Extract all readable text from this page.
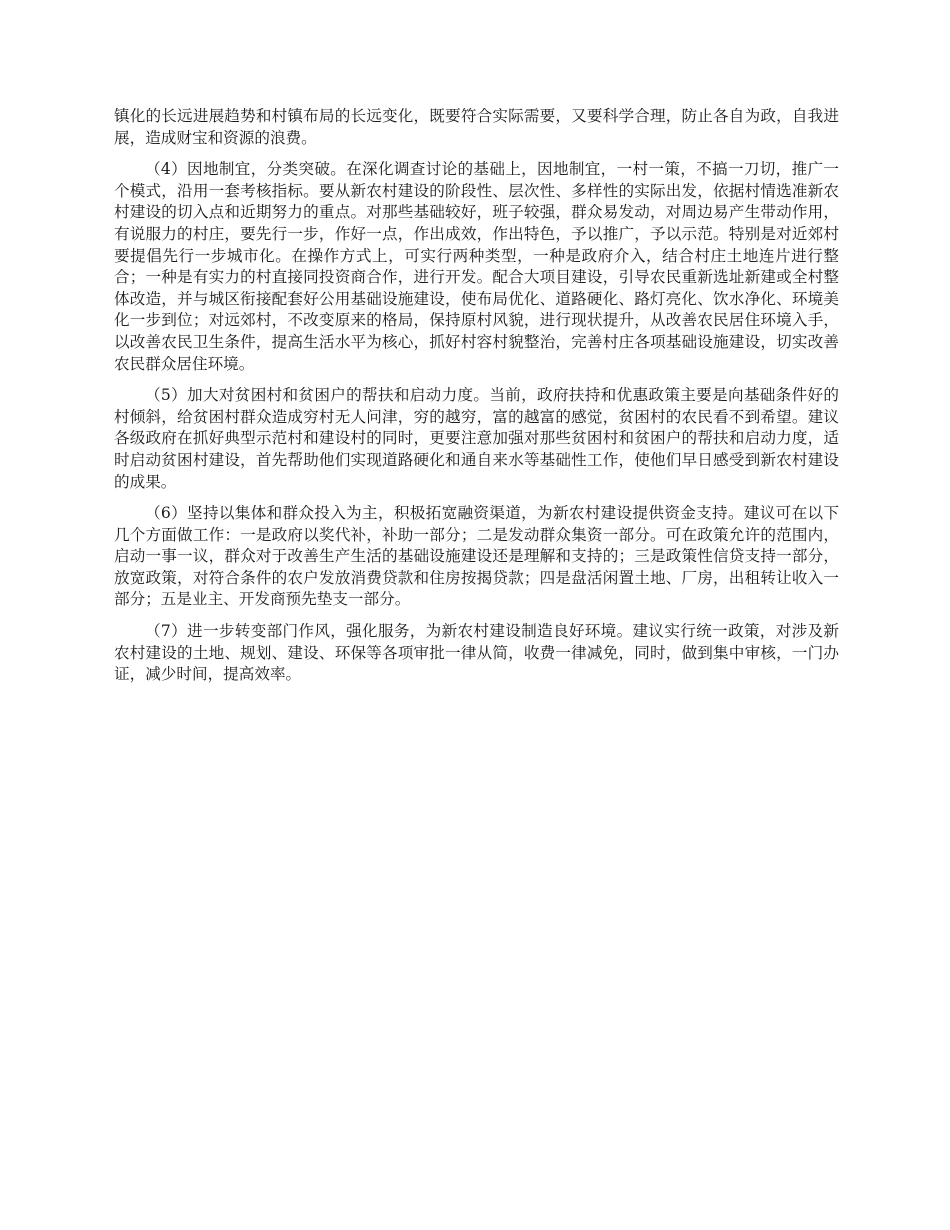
镇化的长远进展趋势和村镇布局的长远变化，既要符合实际需要，又要科学合理，防止各自为政，自我进展，造成财宝和资源的浪费。

（4）因地制宜，分类突破。在深化调查讨论的基础上，因地制宜，一村一策，不搞一刀切，推广一个模式，沿用一套考核指标。要从新农村建设的阶段性、层次性、多样性的实际出发，依据村情选准新农村建设的切入点和近期努力的重点。对那些基础较好，班子较强，群众易发动，对周边易产生带动作用，有说服力的村庄，要先行一步，作好一点，作出成效，作出特色，予以推广，予以示范。特别是对近郊村要提倡先行一步城市化。在操作方式上，可实行两种类型，一种是政府介入，结合村庄土地连片进行整合；一种是有实力的村直接同投资商合作，进行开发。配合大项目建设，引导农民重新选址新建或全村整体改造，并与城区衔接配套好公用基础设施建设，使布局优化、道路硬化、路灯亮化、饮水净化、环境美化一步到位；对远郊村，不改变原来的格局，保持原村风貌，进行现状提升，从改善农民居住环境入手，以改善农民卫生条件，提高生活水平为核心，抓好村容村貌整治，完善村庄各项基础设施建设，切实改善农民群众居住环境。

（5）加大对贫困村和贫困户的帮扶和启动力度。当前，政府扶持和优惠政策主要是向基础条件好的村倾斜，给贫困村群众造成穷村无人问津，穷的越穷，富的越富的感觉，贫困村的农民看不到希望。建议各级政府在抓好典型示范村和建设村的同时，更要注意加强对那些贫困村和贫困户的帮扶和启动力度，适时启动贫困村建设，首先帮助他们实现道路硬化和通自来水等基础性工作，使他们早日感受到新农村建设的成果。

（6）坚持以集体和群众投入为主，积极拓宽融资渠道，为新农村建设提供资金支持。建议可在以下几个方面做工作：一是政府以奖代补，补助一部分；二是发动群众集资一部分。可在政策允许的范围内，启动一事一议，群众对于改善生产生活的基础设施建设还是理解和支持的；三是政策性信贷支持一部分，放宽政策，对符合条件的农户发放消费贷款和住房按揭贷款；四是盘活闲置土地、厂房，出租转让收入一部分；五是业主、开发商预先垫支一部分。

（7）进一步转变部门作风，强化服务，为新农村建设制造良好环境。建议实行统一政策，对涉及新农村建设的土地、规划、建设、环保等各项审批一律从简，收费一律减免，同时，做到集中审核，一门办证，减少时间，提高效率。
